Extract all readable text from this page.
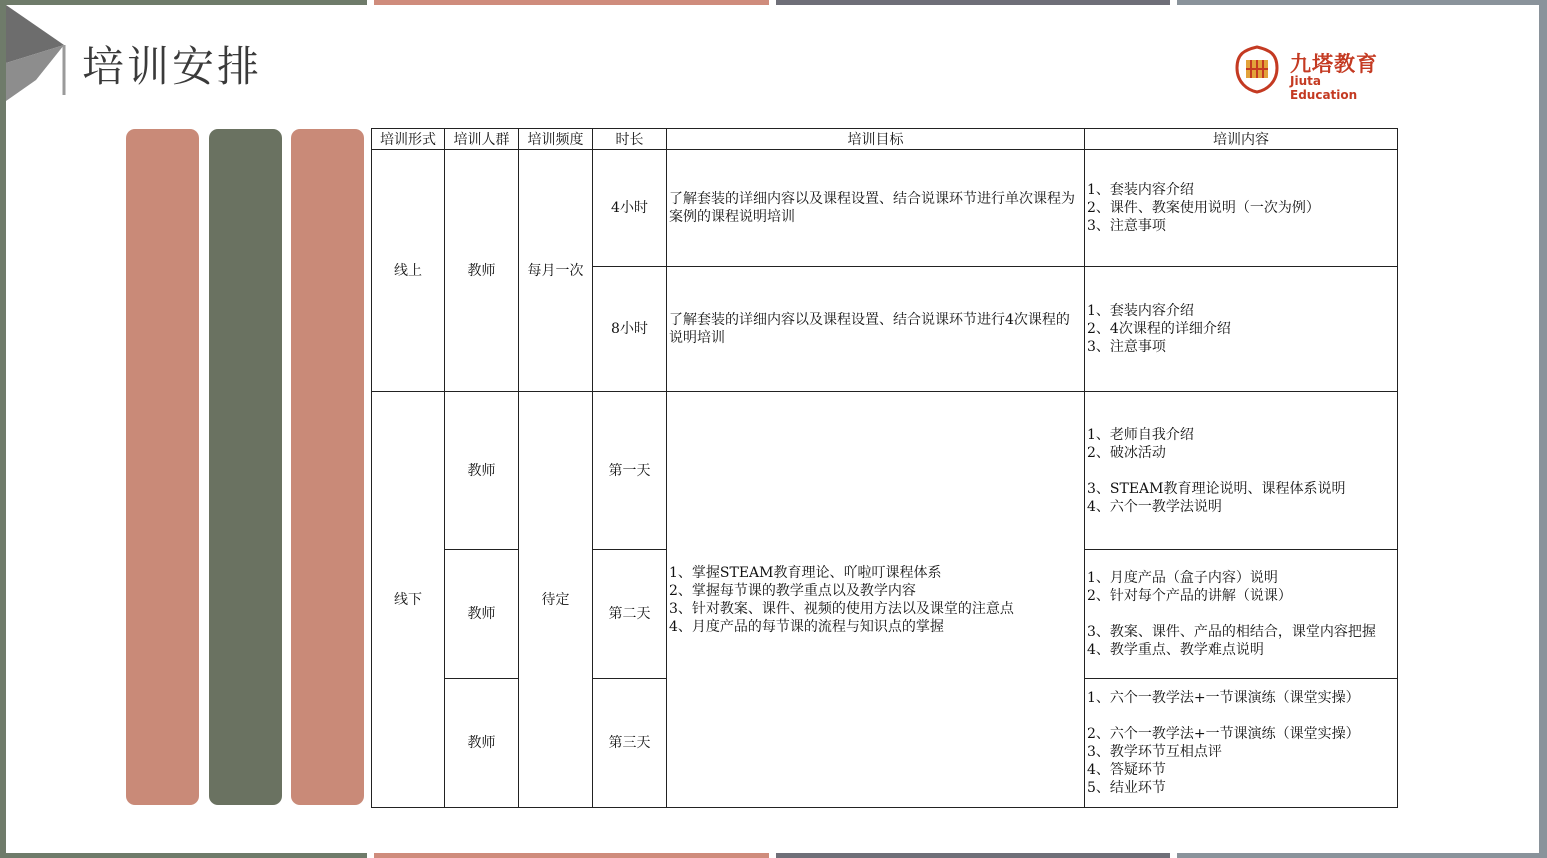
培训安排	九塔教育
Jiuta Education
培训形式	培训人群	培训频度	时长	培训目标	培训内容
线上	教师	每月一次	4小时	了解套装的详细内容以及课程设置、结合说课环节进行单次课程为案例的课程说明培训	1、套装内容介绍
2、课件、教案使用说明（一次为例）
3、注意事项

			8小时	了解套装的详细内容以及课程设置、结合说课环节进行4次课程的说明培训	1、套装内容介绍
2、4次课程的详细介绍
3、注意事项

线下	教师	待定	第一天	1、掌握STEAM教育理论、吖啦叮课程体系
2、掌握每节课的教学重点以及教学内容
3、针对教案、课件、视频的使用方法以及课堂的注意点
4、月度产品的每节课的流程与知识点的掌握	1、老师自我介绍
2、破冰活动
3、STEAM教育理论说明、课程体系说明
4、六个一教学法说明

	教师		第二天		1、月度产品（盒子内容）说明
2、针对每个产品的讲解（说课）
3、教案、课件、产品的相结合，课堂内容把握
4、教学重点、教学难点说明

	教师		第三天		1、六个一教学法+一节课演练（课堂实操）
2、六个一教学法+一节课演练（课堂实操）
3、教学环节互相点评
4、答疑环节
5、结业环节
